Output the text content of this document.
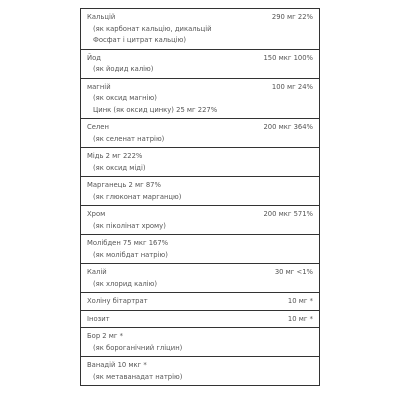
Кальцій	290 мг 22%
(як карбонат кальцію, дикальцій
Фосфат і цитрат кальцію)
Йод	150 мкг 100%
(як йодид калію)
магній	100 мг 24%
(як оксид магнію)
Цинк (як оксид цинку) 25 мг 227%
Селен	200 мкг 364%
(як селенат натрію)
Мідь 2 мг 222%
(як оксид міді)
Марганець 2 мг 87%
(як глюконат марганцю)
Хром	200 мкг 571%
(як піколінат хрому)
Молібден 75 мкг 167%
(як молібдат натрію)
Калій	30 мг <1%
(як хлорид калію)
Холіну бітартрат	10 мг *
Інозит	10 мг *
Бор 2 мг *
(як бороганічний гліцин)
Ванадій 10 мкг *
(як метаванадат натрію)
